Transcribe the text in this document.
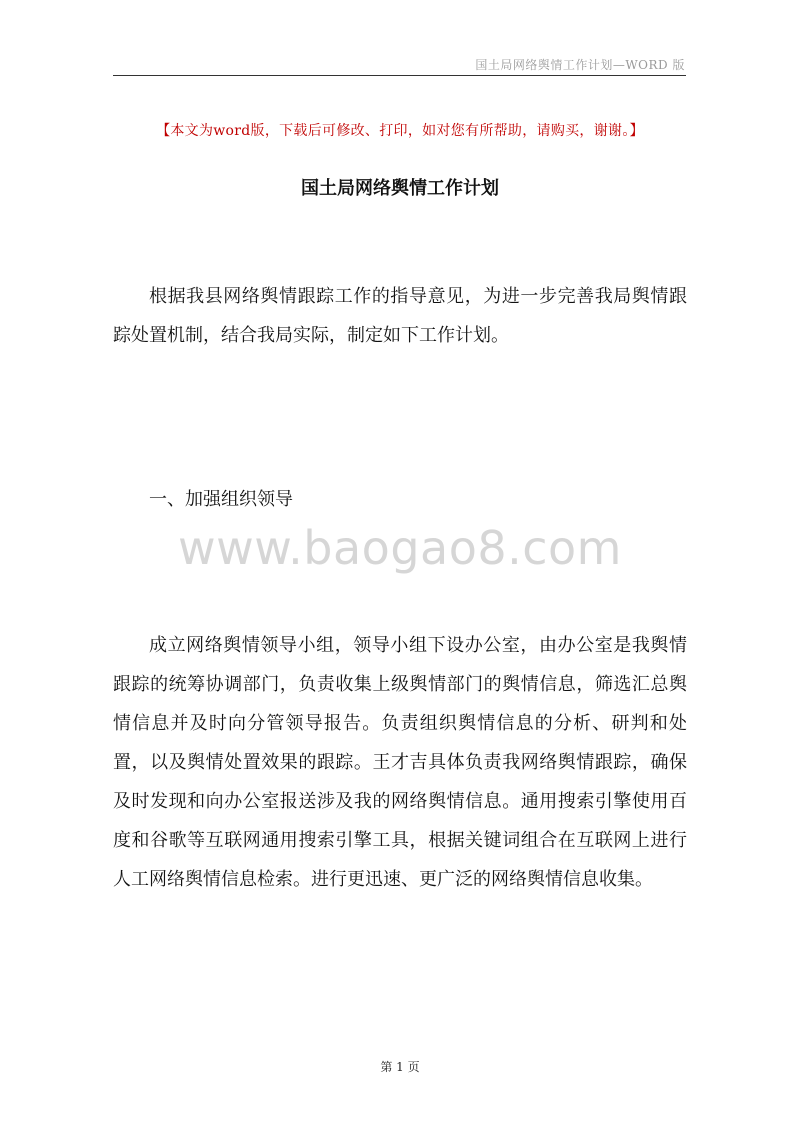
国土局网络舆情工作计划—WORD 版
【本文为word版，下载后可修改、打印，如对您有所帮助，请购买，谢谢。】
国土局网络舆情工作计划

根据我县网络舆情跟踪工作的指导意见，为进一步完善我局舆情跟踪处置机制，结合我局实际，制定如下工作计划。

一、加强组织领导
www.baogao8.com

成立网络舆情领导小组，领导小组下设办公室，由办公室是我舆情跟踪的统筹协调部门，负责收集上级舆情部门的舆情信息，筛选汇总舆情信息并及时向分管领导报告。负责组织舆情信息的分析、研判和处置，以及舆情处置效果的跟踪。王才吉具体负责我网络舆情跟踪，确保及时发现和向办公室报送涉及我的网络舆情信息。通用搜索引擎使用百度和谷歌等互联网通用搜索引擎工具，根据关键词组合在互联网上进行人工网络舆情信息检索。进行更迅速、更广泛的网络舆情信息收集。

第 1 页
